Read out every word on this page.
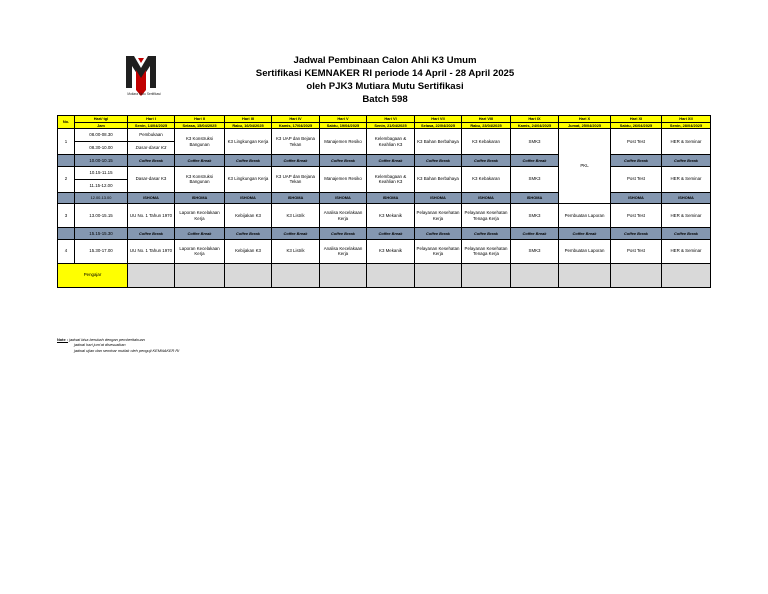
Mutiara Mutu Sertifikasi
Jadwal Pembinaan Calon Ahli K3 Umum
Sertifikasi KEMNAKER RI periode 14 April - 28 April 2025
oleh PJK3 Mutiara Mutu Sertifikasi
Batch 598
No.	Hari/ tgl	Hari I	Hari II	Hari III	Hari IV	Hari V	Hari VI	Hari VII	Hari VIII	Hari IX	Hari X	Hari XI	Hari XII	
	Jam	Senin, 14/04/2025	Selasa, 15/04/2025	Rabu, 16/04/2025	Kamis, 17/04/2025	Sabtu, 19/04/2025	Senin, 21/04/2025	Selasa, 22/04/2025	Rabu, 23/04/2025	Kamis, 24/04/2025	Jumat, 25/04/2025	Sabtu, 26/04/2025	Senin, 28/04/2025	
1	08.00-08.30	Pembukaan	K3 Konstruksi Bangunan	K3 Lingkungan Kerja	K3 UAP dan Bejana Tekan	Manajemen Resiko	Kelembagaan & Keahlian K3	K3 Bahan Berbahaya	K3 Kebakaran	SMK3	PKL	Post Test	HER & Seminar	
	08.30-10.00	Dasar-dasar K3												
	10.00-10.15	Coffee Break	Coffee Break	Coffee Break	Coffee Break	Coffee Break	Coffee Break	Coffee Break	Coffee Break	Coffee Break		Coffee Break	Coffee Break	
2	10.15-11.15	Dasar-dasar K3	K3 Konstruksi Bangunan	K3 Lingkungan Kerja	K3 UAP dan Bejana Tekan	Manajemen Resiko	Kelembagaan & Keahlian K3	K3 Bahan Berbahaya	K3 Kebakaran	SMK3		Post Test	HER & Seminar	
	11.15-12.00													
	12.00-13.00	ISHOMA	ISHOMA	ISHOMA	ISHOMA	ISHOMA	ISHOMA	ISHOMA	ISHOMA	ISHOMA		ISHOMA	ISHOMA	
3	13.00-15.15	UU No. 1 Tahun 1970	Laporan Kecelakaan Kerja	Kebijakan K3	K3 Listrik	Analisa Kecelakaan Kerja	K3 Mekanik	Pelayanan Kesehatan Kerja	Pelayanan Kesehatan Tenaga Kerja	SMK3	Pembuatan Laporan	Post Test	HER & Seminar	
	15.15-15.30	Coffee Break	Coffee Break	Coffee Break	Coffee Break	Coffee Break	Coffee Break	Coffee Break	Coffee Break	Coffee Break	Coffee Break	Coffee Break	Coffee Break	
4	15.30-17.00	UU No. 1 Tahun 1970	Laporan Kecelakaan Kerja	Kebijakan K3	K3 Listrik	Analisa Kecelakaan Kerja	K3 Mekanik	Pelayanan Kesehatan Kerja	Pelayanan Kesehatan Tenaga Kerja	SMK3	Pembuatan Laporan	Post Test	HER & Seminar	
Pengajar														
Note : jadwal bisa berubah dengan pemberitahuan
jadwal hari jum'at disesuaikan
jadwal ujian dan seminar mutlak oleh penguji KEMNAKER RI
